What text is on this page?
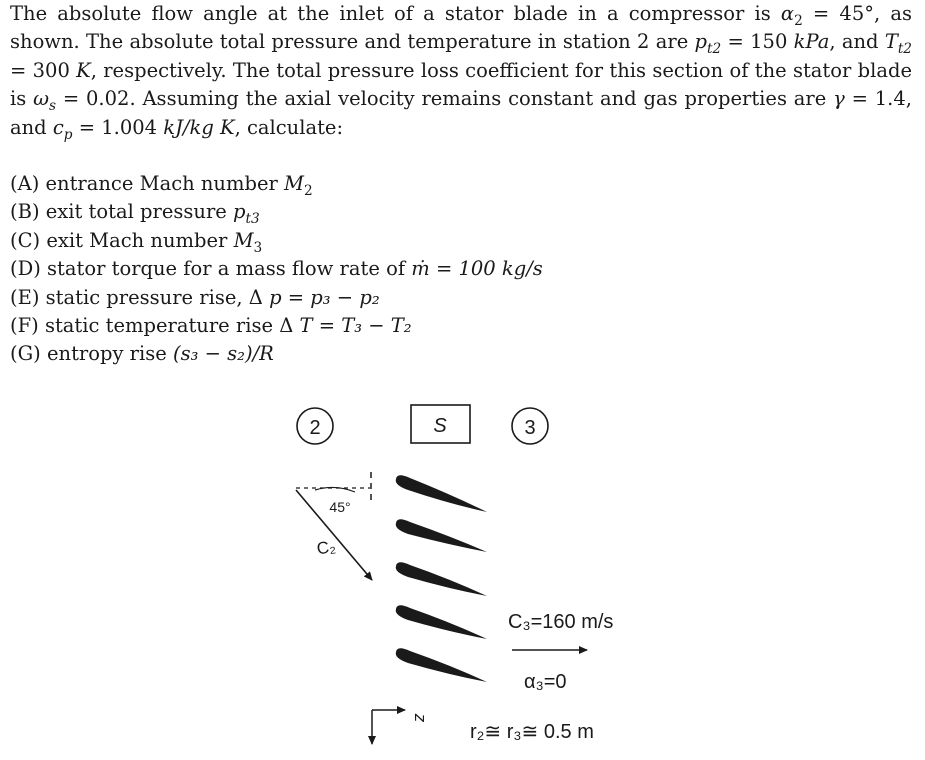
The absolute flow angle at the inlet of a stator blade in a compressor is $\alpha_2 = 45^\circ$, as shown. The absolute total pressure and temperature in station 2 are $p_{t2} = 150$ kPa, and $T_{t2} = 300$ K, respectively. The total pressure loss coefficient for this section of the stator blade is $\omega_s = 0.02$. Assuming the axial velocity remains constant and gas properties are γ = 1.4, and $c_p = 1.004$ kJ/kg K, calculate:
(A) entrance Mach number $M_2$
(B) exit total pressure $p_{t3}$
(C) exit Mach number $M_3$
(D) stator torque for a mass flow rate of ṁ = 100 kg/s
(E) static pressure rise, Δ p = p₃ − p₂
(F) static temperature rise Δ T = T₃ − T₂
(G) entropy rise (s₃ − s₂)/R
2	S	3
45°
C₂
C₃=160 m/s
α₃=0
z
r₂≅ r₃≅ 0.5 m
